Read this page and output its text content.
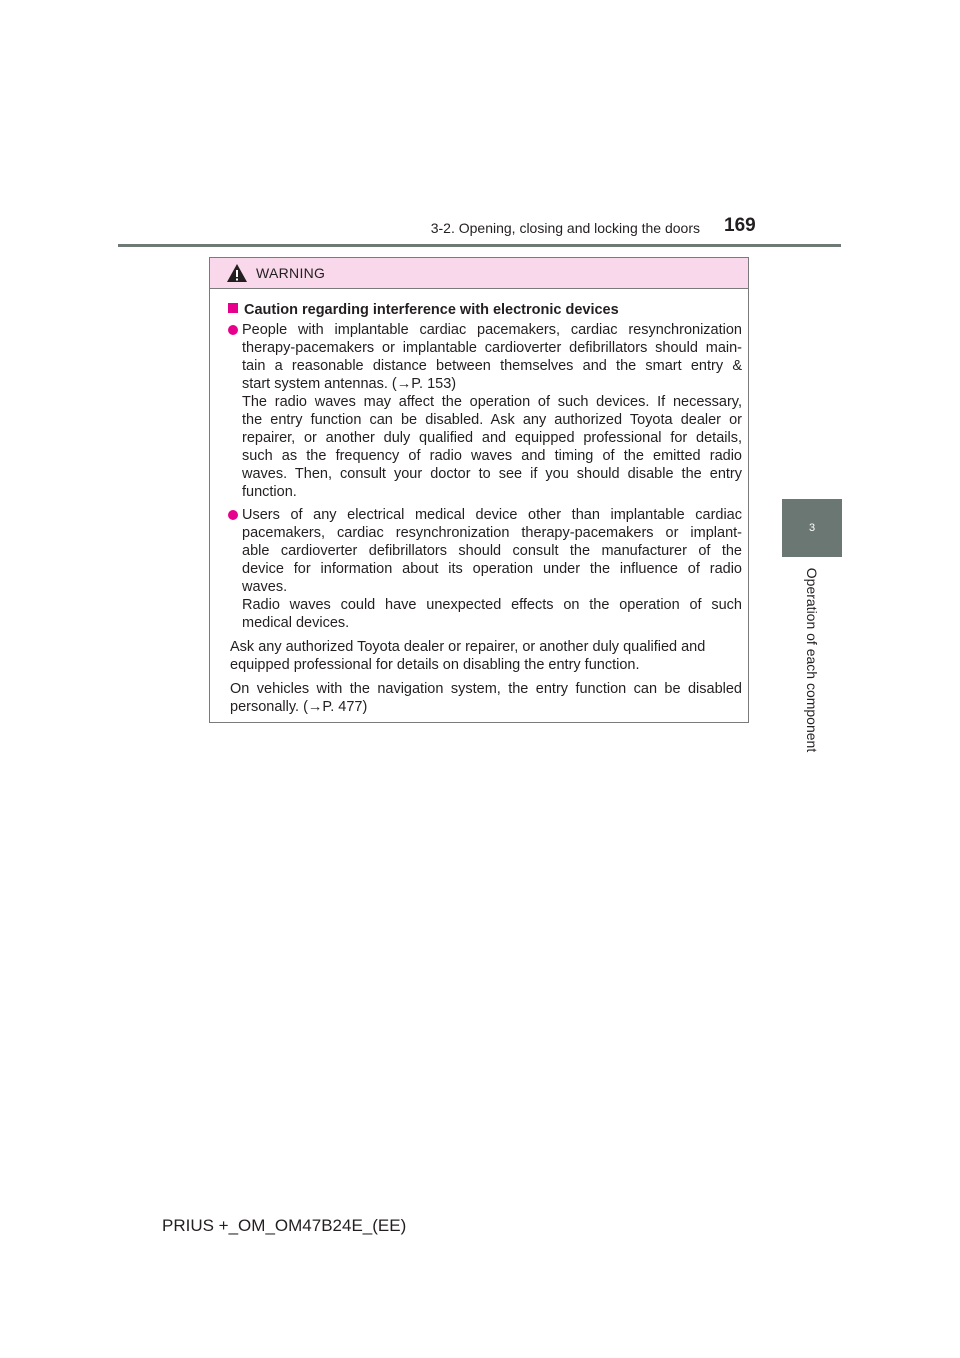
3-2. Opening, closing and locking the doors 169
3
Operation of each component
WARNING
Caution regarding interference with electronic devices
People with implantable cardiac pacemakers, cardiac resynchronization
therapy-pacemakers or implantable cardioverter defibrillators should main-
tain a reasonable distance between themselves and the smart entry &
start system antennas. (→P. 153)
The radio waves may affect the operation of such devices. If necessary,
the entry function can be disabled. Ask any authorized Toyota dealer or
repairer, or another duly qualified and equipped professional for details,
such as the frequency of radio waves and timing of the emitted radio
waves. Then, consult your doctor to see if you should disable the entry
function.
Users of any electrical medical device other than implantable cardiac
pacemakers, cardiac resynchronization therapy-pacemakers or implant-
able cardioverter defibrillators should consult the manufacturer of the
device for information about its operation under the influence of radio
waves.
Radio waves could have unexpected effects on the operation of such
medical devices.
Ask any authorized Toyota dealer or repairer, or another duly qualified and
equipped professional for details on disabling the entry function.
On vehicles with the navigation system, the entry function can be disabled
personally. (→P. 477)
PRIUS +_OM_OM47B24E_(EE)
